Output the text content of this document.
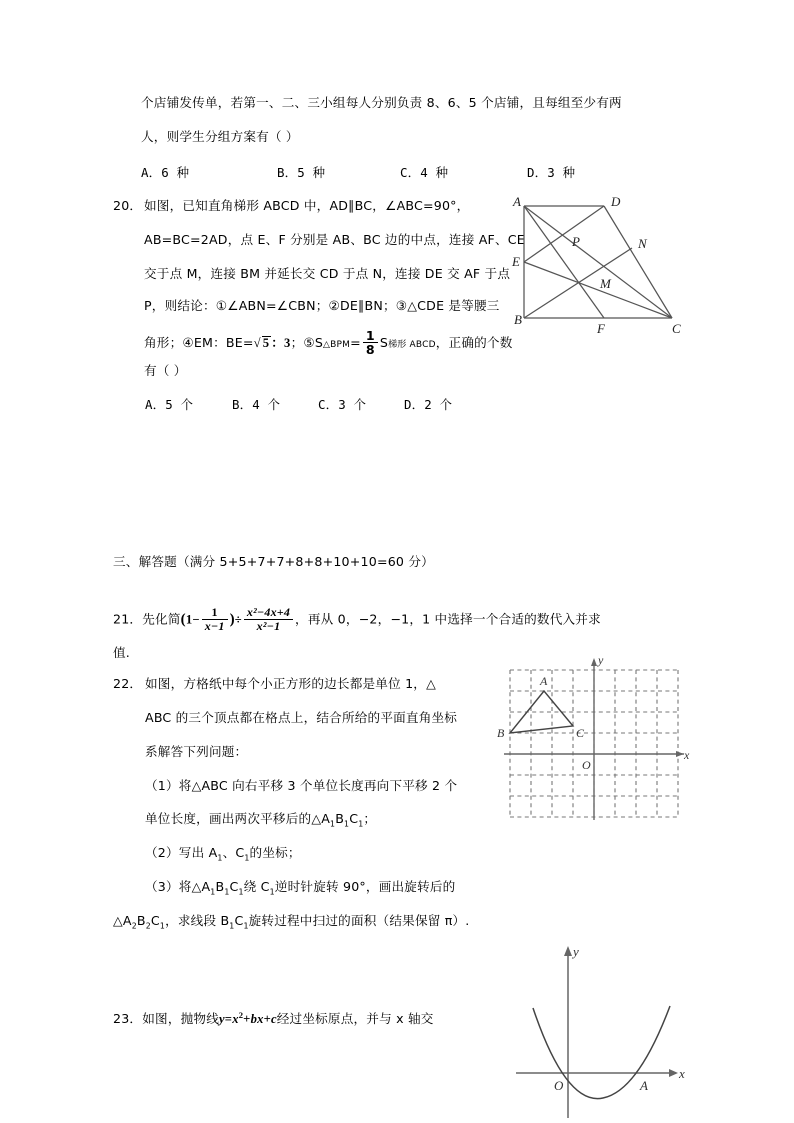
个店铺发传单，若第一、二、三小组每人分别负责 8、6、5 个店铺，且每组至少有两
人，则学生分组方案有（ ）
A．6 种	B．5 种	C．4 种	D．3 种
20． 如图，已知直角梯形 ABCD 中，AD∥BC，∠ABC=90°，
AB=BC=2AD，点 E、F 分别是 AB、BC 边的中点，连接 AF、CE
交于点 M，连接 BM 并延长交 CD 于点 N，连接 DE 交 AF 于点
P，则结论：①∠ABN=∠CBN；②DE∥BN；③△CDE 是等腰三
角形；④EM：BE=√ 5 ：3；⑤S△BPM= $\frac{1}{8}$ S梯形 ABCD，正确的个数
有（ ）
A．5 个	B．4 个	C．3 个	D．2 个
A	D
E
B
P
M
N
F	C
三、解答题（满分 5+5+7+7+8+8+10+10=60 分）
21．先化简($1- \frac{1}{x-1}$ )÷ $\frac{\text{x²−4x+4}}{\text{x²−1}}$ ，再从 0，−2，−1，1 中选择一个合适的数代入并求
值.
22． 如图，方格纸中每个小正方形的边长都是单位 1，△
ABC 的三个顶点都在格点上，结合所给的平面直角坐标
系解答下列问题：
（1）将△ABC 向右平移 3 个单位长度再向下平移 2 个
单位长度，画出两次平移后的$\triangle A_1B_1C_1$；
（2）写出 $A_1$、$C_1$的坐标；
（3）将$\triangle A_1B_1C_1$绕 $C_1$逆时针旋转 90°，画出旋转后的
$\triangle A_2B_2C_1$，求线段 $B_1C_1$旋转过程中扫过的面积（结果保留 π）.
A
B	C
O
x
y
23．如图，抛物线$y=x^2+bx+c$经过坐标原点，并与 x 轴交
O	A
x
y
